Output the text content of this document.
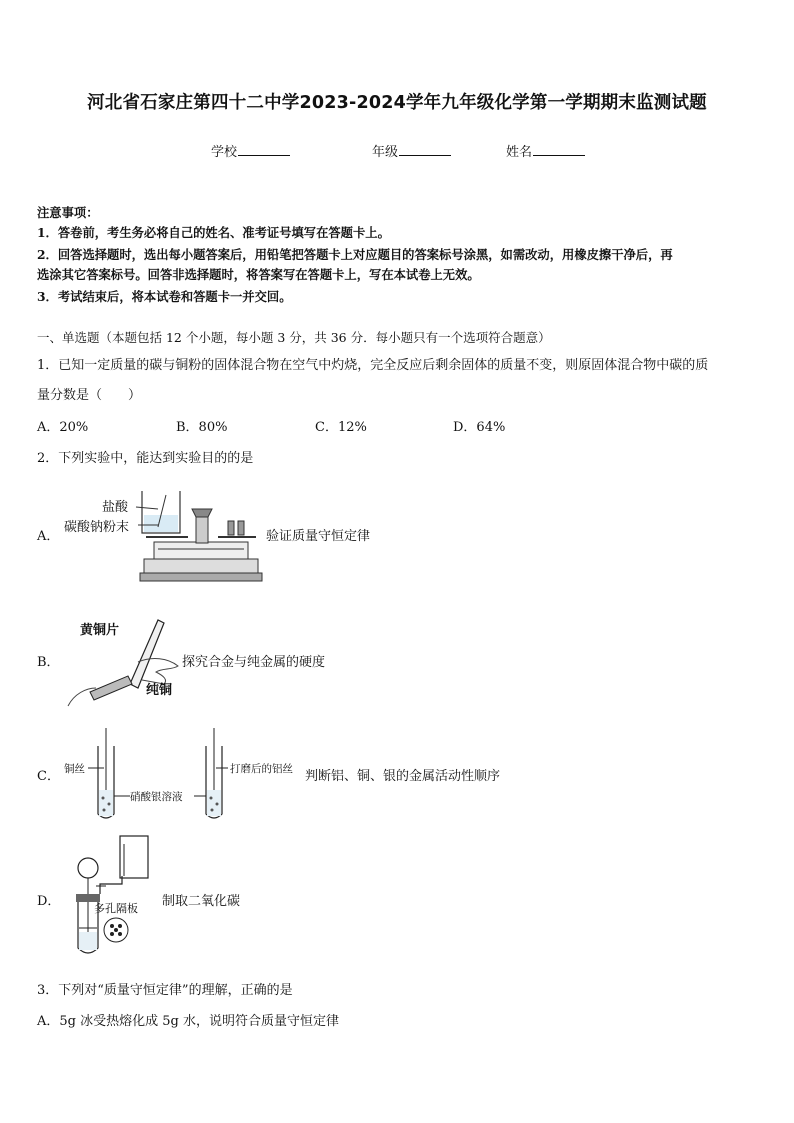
河北省石家庄第四十二中学2023-2024学年九年级化学第一学期期末监测试题
学校	年级	姓名
注意事项：
1．答卷前，考生务必将自己的姓名、准考证号填写在答题卡上。
2．回答选择题时，选出每小题答案后，用铅笔把答题卡上对应题目的答案标号涂黑，如需改动，用橡皮擦干净后，再
选涂其它答案标号。回答非选择题时，将答案写在答题卡上，写在本试卷上无效。
3．考试结束后，将本试卷和答题卡一并交回。
一、单选题（本题包括 12 个小题，每小题 3 分，共 36 分．每小题只有一个选项符合题意）
1．已知一定质量的碳与铜粉的固体混合物在空气中灼烧，完全反应后剩余固体的质量不变，则原固体混合物中碳的质
量分数是（　　）
A．20%	B．80%	C．12%	D．64%
2．下列实验中，能达到实验目的的是
A．
盐酸
碳酸钠粉末
验证质量守恒定律
B．
黄铜片
纯铜
探究合金与纯金属的硬度
C． 铜丝	打磨后的铝丝
硝酸银溶液
判断铝、铜、银的金属活动性顺序
D．	多孔隔板 制取二氧化碳
3．下列对“质量守恒定律”的理解，正确的是
A．5g 冰受热熔化成 5g 水，说明符合质量守恒定律
